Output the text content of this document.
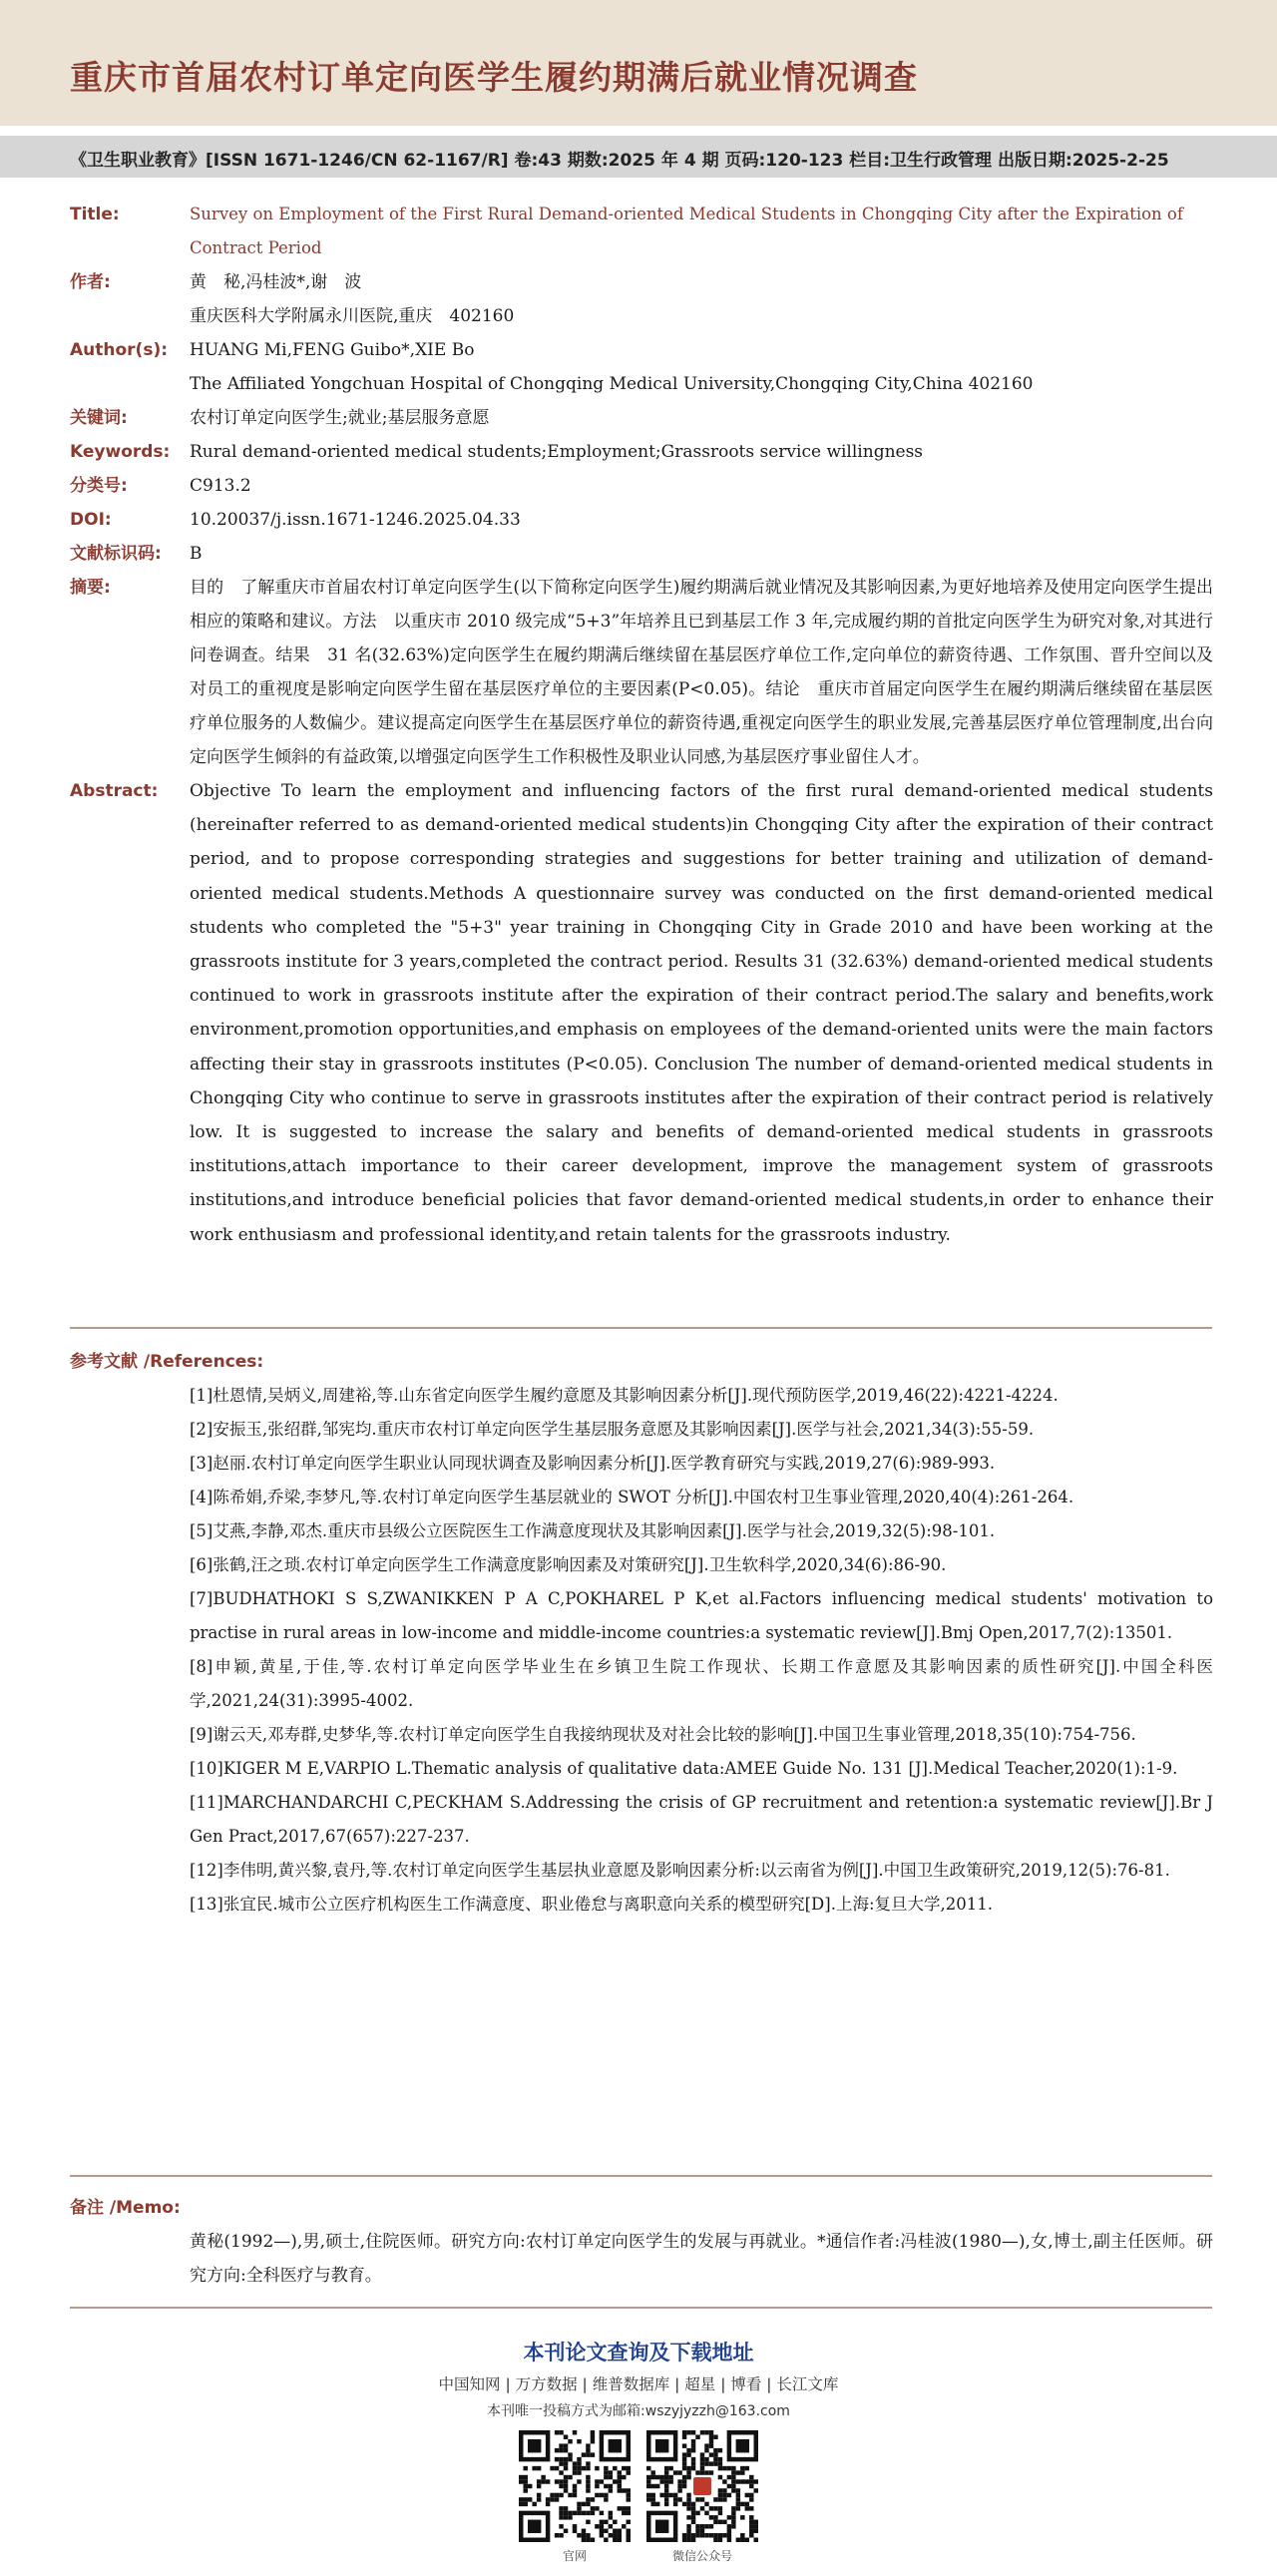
重庆市首届农村订单定向医学生履约期满后就业情况调查
《卫生职业教育》[ISSN 1671-1246/CN 62-1167/R] 卷:43 期数:2025 年 4 期 页码:120-123 栏目:卫生行政管理 出版日期:2025-2-25
Title:	Survey on Employment of the First Rural Demand-oriented Medical Students in Chongqing City after the Expiration of
Contract Period
作者:	黄　秘,冯桂波*,谢　波
重庆医科大学附属永川医院,重庆　402160
Author(s):	HUANG Mi,FENG Guibo*,XIE Bo
The Affiliated Yongchuan Hospital of Chongqing Medical University,Chongqing City,China 402160
关键词:	农村订单定向医学生;就业;基层服务意愿
Keywords:	Rural demand-oriented medical students;Employment;Grassroots service willingness
分类号:	C913.2
DOI:	10.20037/j.issn.1671-1246.2025.04.33
文献标识码:	B
摘要:	目的　了解重庆市首届农村订单定向医学生(以下简称定向医学生)履约期满后就业情况及其影响因素,为更好地培养及使用定向医学生提出相应的策略和建议。方法　以重庆市 2010 级完成“5+3”年培养且已到基层工作 3 年,完成履约期的首批定向医学生为研究对象,对其进行问卷调查。结果　31 名(32.63%)定向医学生在履约期满后继续留在基层医疗单位工作,定向单位的薪资待遇、工作氛围、晋升空间以及对员工的重视度是影响定向医学生留在基层医疗单位的主要因素(P<0.05)。结论　重庆市首届定向医学生在履约期满后继续留在基层医疗单位服务的人数偏少。建议提高定向医学生在基层医疗单位的薪资待遇,重视定向医学生的职业发展,完善基层医疗单位管理制度,出台向定向医学生倾斜的有益政策,以增强定向医学生工作积极性及职业认同感,为基层医疗事业留住人才。
Abstract:	Objective To learn the employment and influencing factors of the first rural demand-oriented medical students (hereinafter referred to as demand-oriented medical students)in Chongqing City after the expiration of their contract period, and to propose corresponding strategies and suggestions for better training and utilization of demand-oriented medical students.Methods A questionnaire survey was conducted on the first demand-oriented medical students who completed the "5+3" year training in Chongqing City in Grade 2010 and have been working at the grassroots institute for 3 years,completed the contract period. Results 31 (32.63%) demand-oriented medical students continued to work in grassroots institute after the expiration of their contract period.The salary and benefits,work environment,promotion opportunities,and emphasis on employees of the demand-oriented units were the main factors affecting their stay in grassroots institutes (P<0.05). Conclusion The number of demand-oriented medical students in Chongqing City who continue to serve in grassroots institutes after the expiration of their contract period is relatively low. It is suggested to increase the salary and benefits of demand-oriented medical students in grassroots institutions,attach importance to their career development, improve the management system of grassroots institutions,and introduce beneficial policies that favor demand-oriented medical students,in order to enhance their work enthusiasm and professional identity,and retain talents for the grassroots industry.
参考文献 /References:

[1]杜恩情,吴炳义,周建裕,等.山东省定向医学生履约意愿及其影响因素分析[J].现代预防医学,2019,46(22):4221-4224.

[2]安振玉,张绍群,邹宪均.重庆市农村订单定向医学生基层服务意愿及其影响因素[J].医学与社会,2021,34(3):55-59.

[3]赵丽.农村订单定向医学生职业认同现状调查及影响因素分析[J].医学教育研究与实践,2019,27(6):989-993.

[4]陈希娟,乔梁,李梦凡,等.农村订单定向医学生基层就业的 SWOT 分析[J].中国农村卫生事业管理,2020,40(4):261-264.

[5]艾燕,李静,邓杰.重庆市县级公立医院医生工作满意度现状及其影响因素[J].医学与社会,2019,32(5):98-101.

[6]张鹤,汪之琐.农村订单定向医学生工作满意度影响因素及对策研究[J].卫生软科学,2020,34(6):86-90.

[7]BUDHATHOKI S S,ZWANIKKEN P A C,POKHAREL P K,et al.Factors influencing medical students' motivation to practise in rural areas in low-income and middle-income countries:a systematic review[J].Bmj Open,2017,7(2):13501.

[8]申颖,黄星,于佳,等.农村订单定向医学毕业生在乡镇卫生院工作现状、长期工作意愿及其影响因素的质性研究[J].中国全科医学,2021,24(31):3995-4002.

[9]谢云天,邓寿群,史梦华,等.农村订单定向医学生自我接纳现状及对社会比较的影响[J].中国卫生事业管理,2018,35(10):754-756.

[10]KIGER M E,VARPIO L.Thematic analysis of qualitative data:AMEE Guide No. 131 [J].Medical Teacher,2020(1):1-9.

[11]MARCHANDARCHI C,PECKHAM S.Addressing the crisis of GP recruitment and retention:a systematic review[J].Br J Gen Pract,2017,67(657):227-237.

[12]李伟明,黄兴黎,袁丹,等.农村订单定向医学生基层执业意愿及影响因素分析:以云南省为例[J].中国卫生政策研究,2019,12(5):76-81.

[13]张宜民.城市公立医疗机构医生工作满意度、职业倦怠与离职意向关系的模型研究[D].上海:复旦大学,2011.

备注 /Memo:
黄秘(1992—),男,硕士,住院医师。研究方向:农村订单定向医学生的发展与再就业。*通信作者:冯桂波(1980—),女,博士,副主任医师。研究方向:全科医疗与教育。
本刊论文查询及下载地址
中国知网 | 万方数据 | 维普数据库 | 超星 | 博看 | 长江文库
本刊唯一投稿方式为邮箱:wszyjyzzh@163.com
官网	微信公众号
